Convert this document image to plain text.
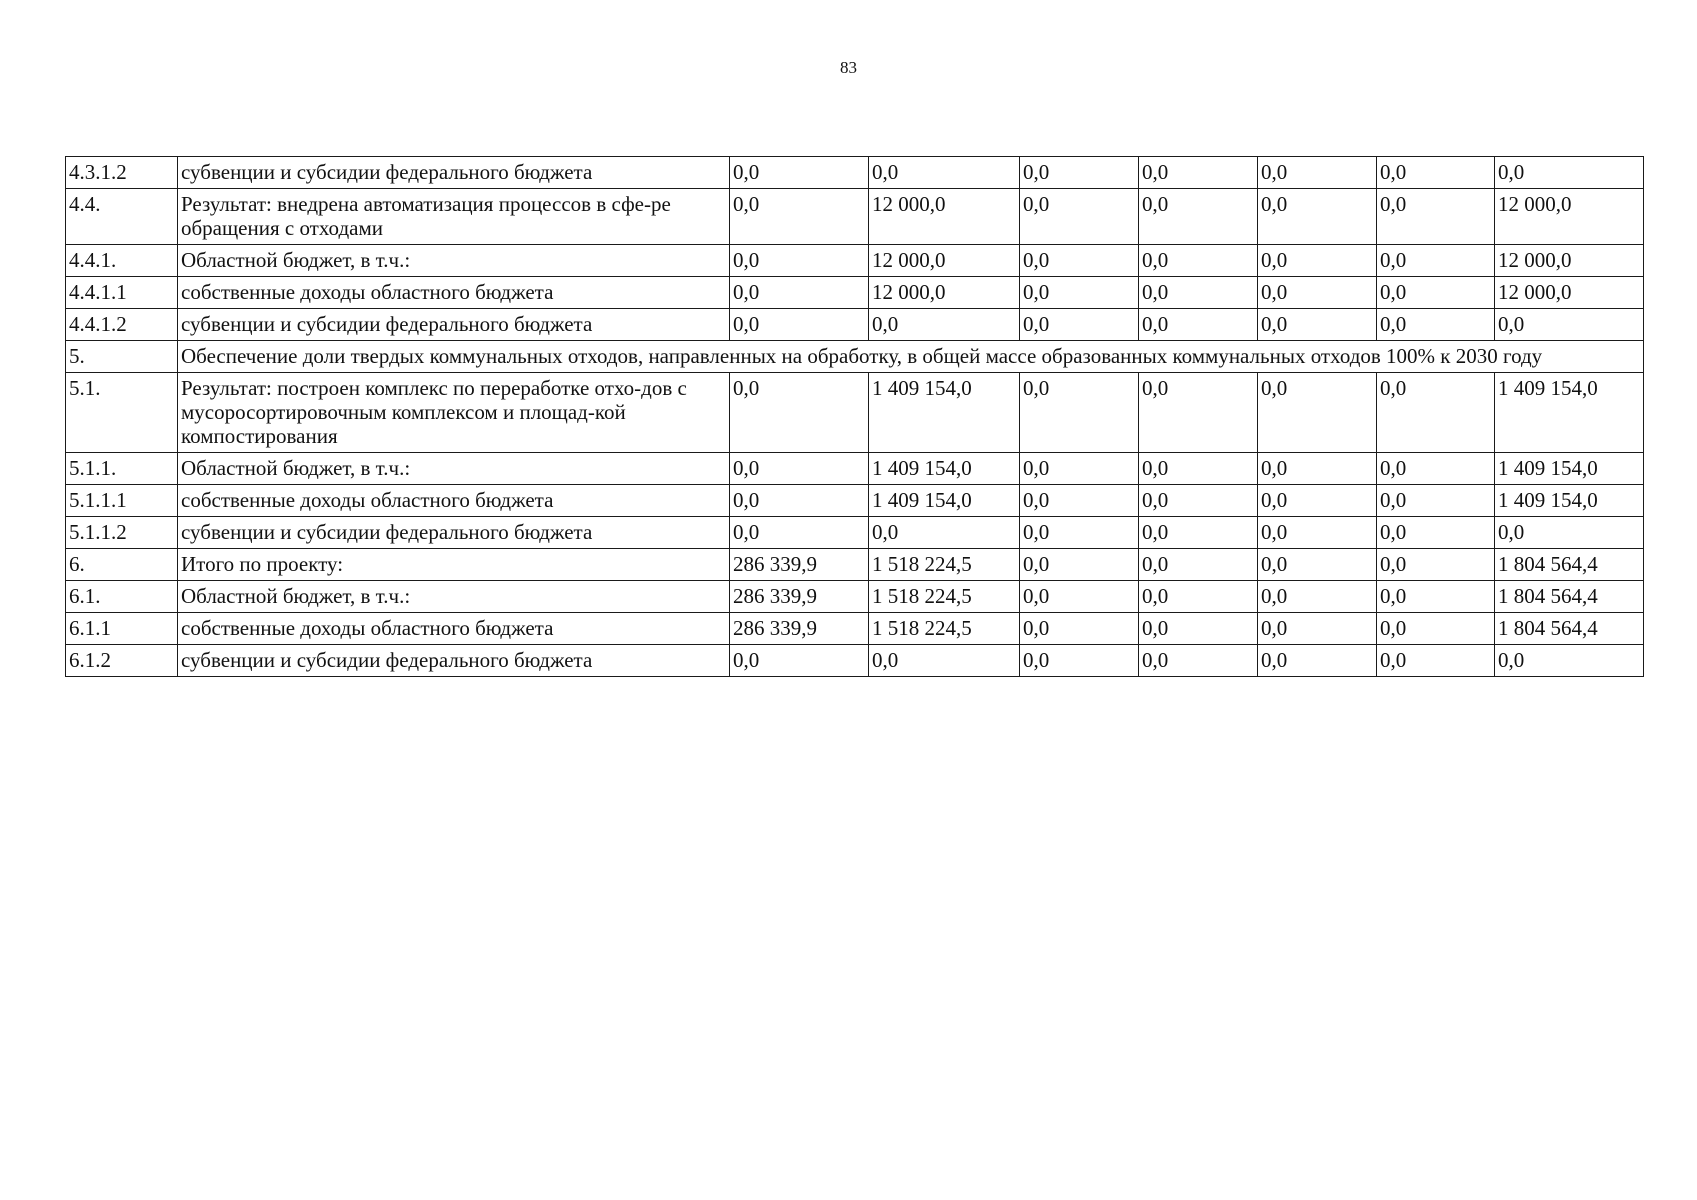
83
4.3.1.2	субвенции и субсидии федерального бюджета	0,0	0,0	0,0	0,0	0,0	0,0	0,0
4.4.	Результат: внедрена автоматизация процессов в сфе-ре обращения с отходами	0,0	12 000,0	0,0	0,0	0,0	0,0	12 000,0
4.4.1.	Областной бюджет, в т.ч.:	0,0	12 000,0	0,0	0,0	0,0	0,0	12 000,0
4.4.1.1	собственные доходы областного бюджета	0,0	12 000,0	0,0	0,0	0,0	0,0	12 000,0
4.4.1.2	субвенции и субсидии федерального бюджета	0,0	0,0	0,0	0,0	0,0	0,0	0,0
5.	Обеспечение доли твердых коммунальных отходов, направленных на обработку, в общей массе образованных коммунальных отходов 100% к 2030 году							
5.1.	Результат: построен комплекс по переработке отхо-дов с мусоросортировочным комплексом и площад-кой компостирования	0,0	1 409 154,0	0,0	0,0	0,0	0,0	1 409 154,0
5.1.1.	Областной бюджет, в т.ч.:	0,0	1 409 154,0	0,0	0,0	0,0	0,0	1 409 154,0
5.1.1.1	собственные доходы областного бюджета	0,0	1 409 154,0	0,0	0,0	0,0	0,0	1 409 154,0
5.1.1.2	субвенции и субсидии федерального бюджета	0,0	0,0	0,0	0,0	0,0	0,0	0,0
6.	Итого по проекту:	286 339,9	1 518 224,5	0,0	0,0	0,0	0,0	1 804 564,4
6.1.	Областной бюджет, в т.ч.:	286 339,9	1 518 224,5	0,0	0,0	0,0	0,0	1 804 564,4
6.1.1	собственные доходы областного бюджета	286 339,9	1 518 224,5	0,0	0,0	0,0	0,0	1 804 564,4
6.1.2	субвенции и субсидии федерального бюджета	0,0	0,0	0,0	0,0	0,0	0,0	0,0
